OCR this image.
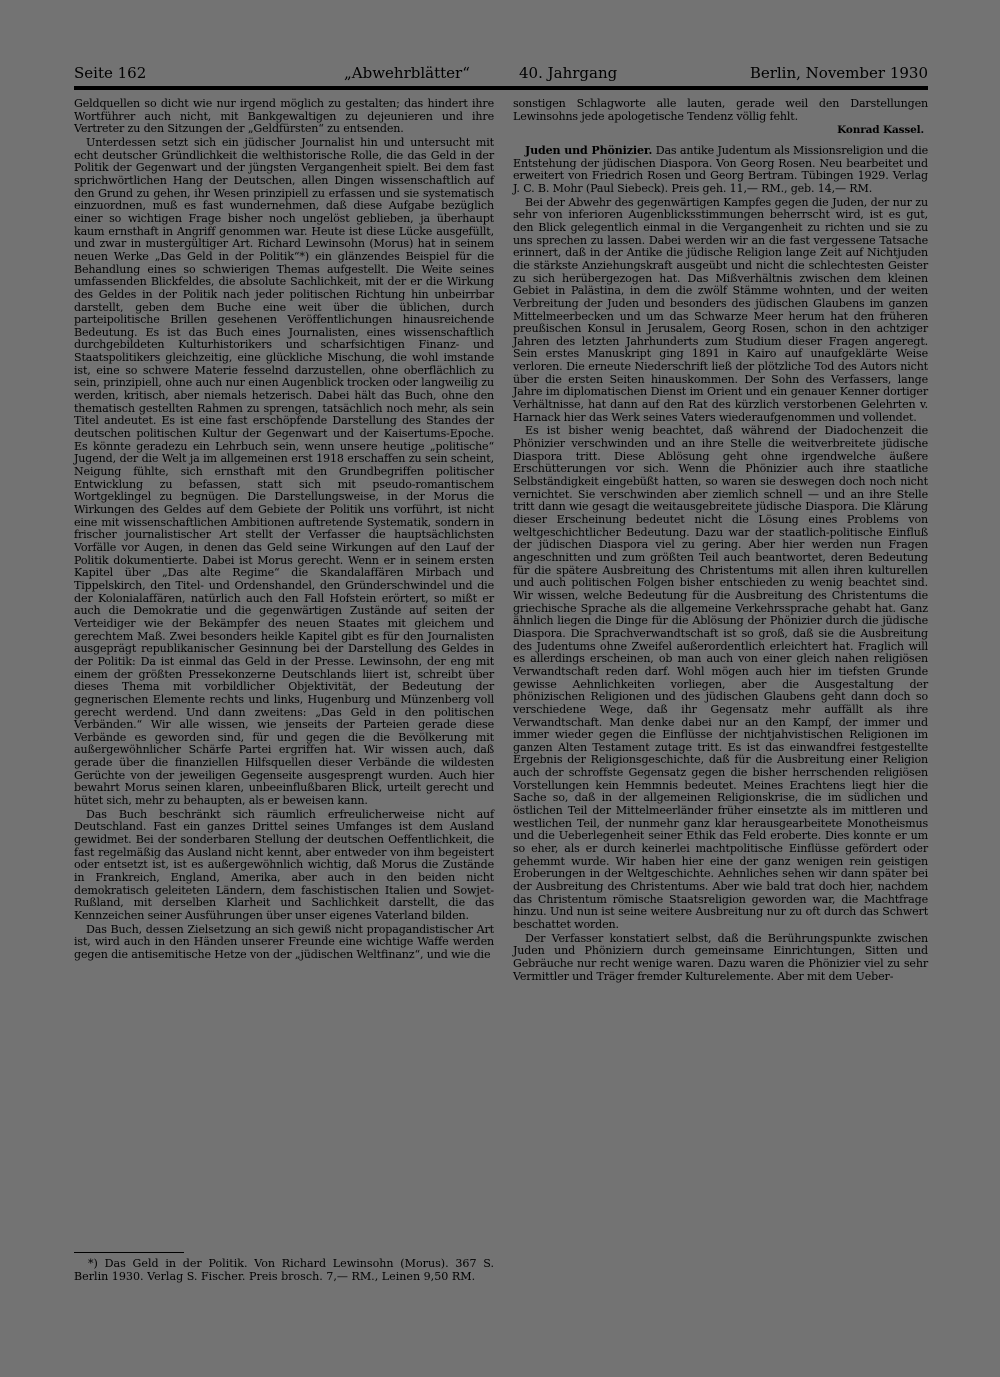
Seite 162	„Abwehrblätter“	40. Jahrgang	Berlin, November 1930

Geldquellen so dicht wie nur irgend möglich zu gestalten; das hindert ihre Wortführer auch nicht, mit Bankgewaltigen zu dejeunieren und ihre Vertreter zu den Sitzungen der „Geldfürsten“ zu entsenden.

Unterdessen setzt sich ein jüdischer Journalist hin und untersucht mit echt deutscher Gründlichkeit die welthistorische Rolle, die das Geld in der Politik der Gegenwart und der jüngsten Vergangenheit spielt. Bei dem fast sprichwörtlichen Hang der Deutschen, allen Dingen wissenschaftlich auf den Grund zu gehen, ihr Wesen prinzipiell zu erfassen und sie systematisch einzuordnen, muß es fast wundernehmen, daß diese Aufgabe bezüglich einer so wichtigen Frage bisher noch ungelöst geblieben, ja überhaupt kaum ernsthaft in Angriff genommen war. Heute ist diese Lücke ausgefüllt, und zwar in mustergültiger Art. Richard Lewinsohn (Morus) hat in seinem neuen Werke „Das Geld in der Politik“*) ein glänzendes Beispiel für die Behandlung eines so schwierigen Themas aufgestellt. Die Weite seines umfassenden Blickfeldes, die absolute Sachlichkeit, mit der er die Wirkung des Geldes in der Politik nach jeder politischen Richtung hin unbeirrbar darstellt, geben dem Buche eine weit über die üblichen, durch parteipolitische Brillen gesehenen Veröffentlichungen hinausreichende Bedeutung. Es ist das Buch eines Journalisten, eines wissenschaftlich durchgebildeten Kulturhistorikers und scharfsichtigen Finanz- und Staatspolitikers gleichzeitig, eine glückliche Mischung, die wohl imstande ist, eine so schwere Materie fesselnd darzustellen, ohne oberflächlich zu sein, prinzipiell, ohne auch nur einen Augenblick trocken oder langweilig zu werden, kritisch, aber niemals hetzerisch. Dabei hält das Buch, ohne den thematisch gestellten Rahmen zu sprengen, tatsächlich noch mehr, als sein Titel andeutet. Es ist eine fast erschöpfende Darstellung des Standes der deutschen politischen Kultur der Gegenwart und der Kaisertums-Epoche. Es könnte geradezu ein Lehrbuch sein, wenn unsere heutige „politische“ Jugend, der die Welt ja im allgemeinen erst 1918 erschaffen zu sein scheint, Neigung fühlte, sich ernsthaft mit den Grundbegriffen politischer Entwicklung zu befassen, statt sich mit pseudo-romantischem Wortgeklingel zu begnügen. Die Darstellungsweise, in der Morus die Wirkungen des Geldes auf dem Gebiete der Politik uns vorführt, ist nicht eine mit wissenschaftlichen Ambitionen auftretende Systematik, sondern in frischer journalistischer Art stellt der Verfasser die hauptsächlichsten Vorfälle vor Augen, in denen das Geld seine Wirkungen auf den Lauf der Politik dokumentierte. Dabei ist Morus gerecht. Wenn er in seinem ersten Kapitel über „Das alte Regime“ die Skandalaffären Mirbach und Tippelskirch, den Titel- und Ordenshandel, den Gründerschwindel und die der Kolonialaffären, natürlich auch den Fall Hofstein erörtert, so mißt er auch die Demokratie und die gegenwärtigen Zustände auf seiten der Verteidiger wie der Bekämpfer des neuen Staates mit gleichem und gerechtem Maß. Zwei besonders heikle Kapitel gibt es für den Journalisten ausgeprägt republikanischer Gesinnung bei der Darstellung des Geldes in der Politik: Da ist einmal das Geld in der Presse. Lewinsohn, der eng mit einem der größten Pressekonzerne Deutschlands liiert ist, schreibt über dieses Thema mit vorbildlicher Objektivität, der Bedeutung der gegnerischen Elemente rechts und links, Hugenburg und Münzenberg voll gerecht werdend. Und dann zweitens: „Das Geld in den politischen Verbänden.“ Wir alle wissen, wie jenseits der Parteien gerade diese Verbände es geworden sind, für und gegen die die Bevölkerung mit außergewöhnlicher Schärfe Partei ergriffen hat. Wir wissen auch, daß gerade über die finanziellen Hilfsquellen dieser Verbände die wildesten Gerüchte von der jeweiligen Gegenseite ausgesprengt wurden. Auch hier bewahrt Morus seinen klaren, unbeeinflußbaren Blick, urteilt gerecht und hütet sich, mehr zu behaupten, als er beweisen kann.

Das Buch beschränkt sich räumlich erfreulicherweise nicht auf Deutschland. Fast ein ganzes Drittel seines Umfanges ist dem Ausland gewidmet. Bei der sonderbaren Stellung der deutschen Oeffentlichkeit, die fast regelmäßig das Ausland nicht kennt, aber entweder von ihm begeistert oder entsetzt ist, ist es außergewöhnlich wichtig, daß Morus die Zustände in Frankreich, England, Amerika, aber auch in den beiden nicht demokratisch geleiteten Ländern, dem faschistischen Italien und Sowjet-Rußland, mit derselben Klarheit und Sachlichkeit darstellt, die das Kennzeichen seiner Ausführungen über unser eigenes Vaterland bilden.

Das Buch, dessen Zielsetzung an sich gewiß nicht propagandistischer Art ist, wird auch in den Händen unserer Freunde eine wichtige Waffe werden gegen die antisemitische Hetze von der „jüdischen Weltfinanz“, und wie die

*) Das Geld in der Politik. Von Richard Lewinsohn (Morus). 367 S. Berlin 1930. Verlag S. Fischer. Preis brosch. 7,— RM., Leinen 9,50 RM.

sonstigen Schlagworte alle lauten, gerade weil den Darstellungen Lewinsohns jede apologetische Tendenz völlig fehlt.

Konrad Kassel.

Juden und Phönizier. Das antike Judentum als Missionsreligion und die Entstehung der jüdischen Diaspora. Von Georg Rosen. Neu bearbeitet und erweitert von Friedrich Rosen und Georg Bertram. Tübingen 1929. Verlag J. C. B. Mohr (Paul Siebeck). Preis geh. 11,— RM., geb. 14,— RM.

Bei der Abwehr des gegenwärtigen Kampfes gegen die Juden, der nur zu sehr von inferioren Augenblicksstimmungen beherrscht wird, ist es gut, den Blick gelegentlich einmal in die Vergangenheit zu richten und sie zu uns sprechen zu lassen. Dabei werden wir an die fast vergessene Tatsache erinnert, daß in der Antike die jüdische Religion lange Zeit auf Nichtjuden die stärkste Anziehungskraft ausgeübt und nicht die schlechtesten Geister zu sich herübergezogen hat. Das Mißverhältnis zwischen dem kleinen Gebiet in Palästina, in dem die zwölf Stämme wohnten, und der weiten Verbreitung der Juden und besonders des jüdischen Glaubens im ganzen Mittelmeerbecken und um das Schwarze Meer herum hat den früheren preußischen Konsul in Jerusalem, Georg Rosen, schon in den achtziger Jahren des letzten Jahrhunderts zum Studium dieser Fragen angeregt. Sein erstes Manuskript ging 1891 in Kairo auf unaufgeklärte Weise verloren. Die erneute Niederschrift ließ der plötzliche Tod des Autors nicht über die ersten Seiten hinauskommen. Der Sohn des Verfassers, lange Jahre im diplomatischen Dienst im Orient und ein genauer Kenner dortiger Verhältnisse, hat dann auf den Rat des kürzlich verstorbenen Gelehrten v. Harnack hier das Werk seines Vaters wiederaufgenommen und vollendet.

Es ist bisher wenig beachtet, daß während der Diadochenzeit die Phönizier verschwinden und an ihre Stelle die weitverbreitete jüdische Diaspora tritt. Diese Ablösung geht ohne irgendwelche äußere Erschütterungen vor sich. Wenn die Phönizier auch ihre staatliche Selbständigkeit eingebüßt hatten, so waren sie deswegen doch noch nicht vernichtet. Sie verschwinden aber ziemlich schnell — und an ihre Stelle tritt dann wie gesagt die weitausgebreitete jüdische Diaspora. Die Klärung dieser Erscheinung bedeutet nicht die Lösung eines Problems von weltgeschichtlicher Bedeutung. Dazu war der staatlich-politische Einfluß der jüdischen Diaspora viel zu gering. Aber hier werden nun Fragen angeschnitten und zum größten Teil auch beantwortet, deren Bedeutung für die spätere Ausbreitung des Christentums mit allen ihren kulturellen und auch politischen Folgen bisher entschieden zu wenig beachtet sind. Wir wissen, welche Bedeutung für die Ausbreitung des Christentums die griechische Sprache als die allgemeine Verkehrssprache gehabt hat. Ganz ähnlich liegen die Dinge für die Ablösung der Phönizier durch die jüdische Diaspora. Die Sprachverwandtschaft ist so groß, daß sie die Ausbreitung des Judentums ohne Zweifel außerordentlich erleichtert hat. Fraglich will es allerdings erscheinen, ob man auch von einer gleich nahen religiösen Verwandtschaft reden darf. Wohl mögen auch hier im tiefsten Grunde gewisse Aehnlichkeiten vorliegen, aber die Ausgestaltung der phönizischen Religionen und des jüdischen Glaubens geht dann doch so verschiedene Wege, daß ihr Gegensatz mehr auffällt als ihre Verwandtschaft. Man denke dabei nur an den Kampf, der immer und immer wieder gegen die Einflüsse der nichtjahvistischen Religionen im ganzen Alten Testament zutage tritt. Es ist das einwandfrei festgestellte Ergebnis der Religionsgeschichte, daß für die Ausbreitung einer Religion auch der schroffste Gegensatz gegen die bisher herrschenden religiösen Vorstellungen kein Hemmnis bedeutet. Meines Erachtens liegt hier die Sache so, daß in der allgemeinen Religionskrise, die im südlichen und östlichen Teil der Mittelmeerländer früher einsetzte als im mittleren und westlichen Teil, der nunmehr ganz klar herausgearbeitete Monotheismus und die Ueberlegenheit seiner Ethik das Feld eroberte. Dies konnte er um so eher, als er durch keinerlei machtpolitische Einflüsse gefördert oder gehemmt wurde. Wir haben hier eine der ganz wenigen rein geistigen Eroberungen in der Weltgeschichte. Aehnliches sehen wir dann später bei der Ausbreitung des Christentums. Aber wie bald trat doch hier, nachdem das Christentum römische Staatsreligion geworden war, die Machtfrage hinzu. Und nun ist seine weitere Ausbreitung nur zu oft durch das Schwert beschattet worden.

Der Verfasser konstatiert selbst, daß die Berührungspunkte zwischen Juden und Phöniziern durch gemeinsame Einrichtungen, Sitten und Gebräuche nur recht wenige waren. Dazu waren die Phönizier viel zu sehr Vermittler und Träger fremder Kulturelemente. Aber mit dem Ueber-
